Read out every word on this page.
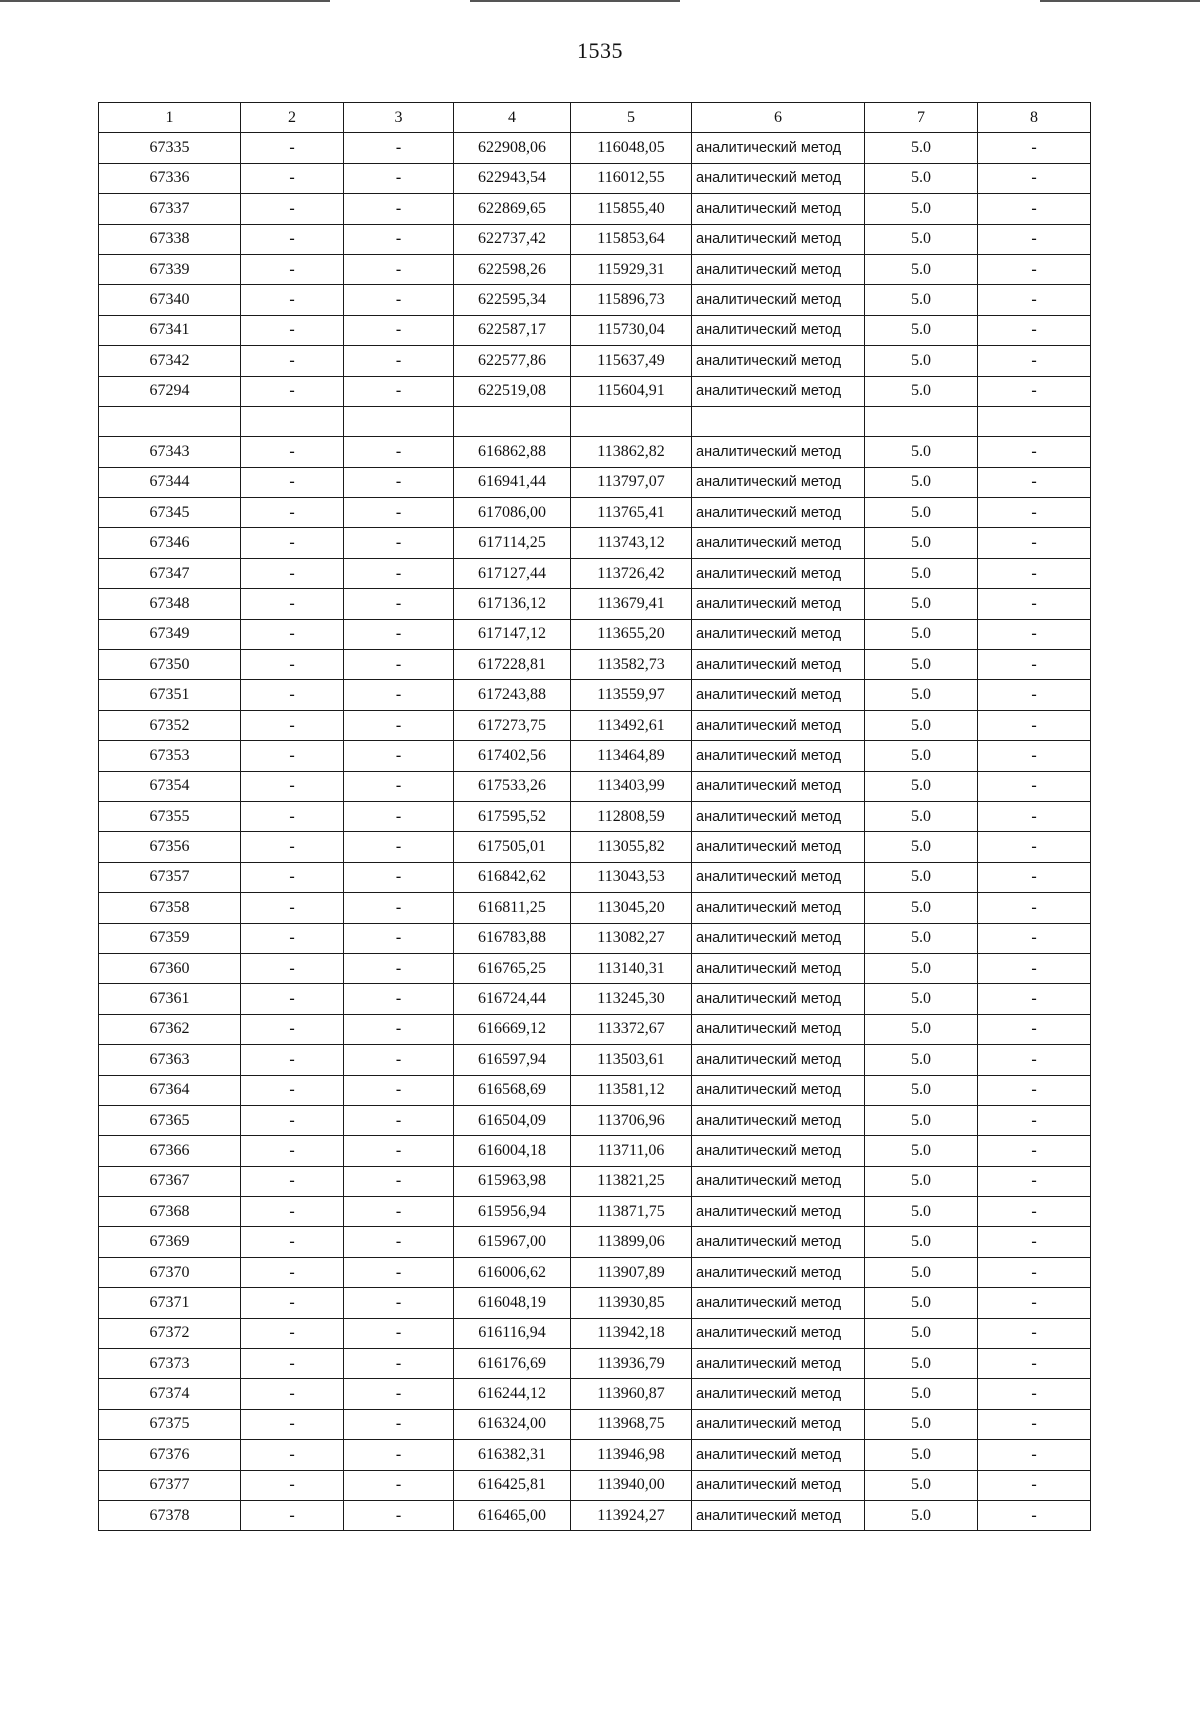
1535
1	2	3	4	5	6	7	8
67335	-	-	622908,06	116048,05	аналитический метод	5.0	-
67336	-	-	622943,54	116012,55	аналитический метод	5.0	-
67337	-	-	622869,65	115855,40	аналитический метод	5.0	-
67338	-	-	622737,42	115853,64	аналитический метод	5.0	-
67339	-	-	622598,26	115929,31	аналитический метод	5.0	-
67340	-	-	622595,34	115896,73	аналитический метод	5.0	-
67341	-	-	622587,17	115730,04	аналитический метод	5.0	-
67342	-	-	622577,86	115637,49	аналитический метод	5.0	-
67294	-	-	622519,08	115604,91	аналитический метод	5.0	-

67343	-	-	616862,88	113862,82	аналитический метод	5.0	-
67344	-	-	616941,44	113797,07	аналитический метод	5.0	-
67345	-	-	617086,00	113765,41	аналитический метод	5.0	-
67346	-	-	617114,25	113743,12	аналитический метод	5.0	-
67347	-	-	617127,44	113726,42	аналитический метод	5.0	-
67348	-	-	617136,12	113679,41	аналитический метод	5.0	-
67349	-	-	617147,12	113655,20	аналитический метод	5.0	-
67350	-	-	617228,81	113582,73	аналитический метод	5.0	-
67351	-	-	617243,88	113559,97	аналитический метод	5.0	-
67352	-	-	617273,75	113492,61	аналитический метод	5.0	-
67353	-	-	617402,56	113464,89	аналитический метод	5.0	-
67354	-	-	617533,26	113403,99	аналитический метод	5.0	-
67355	-	-	617595,52	112808,59	аналитический метод	5.0	-
67356	-	-	617505,01	113055,82	аналитический метод	5.0	-
67357	-	-	616842,62	113043,53	аналитический метод	5.0	-
67358	-	-	616811,25	113045,20	аналитический метод	5.0	-
67359	-	-	616783,88	113082,27	аналитический метод	5.0	-
67360	-	-	616765,25	113140,31	аналитический метод	5.0	-
67361	-	-	616724,44	113245,30	аналитический метод	5.0	-
67362	-	-	616669,12	113372,67	аналитический метод	5.0	-
67363	-	-	616597,94	113503,61	аналитический метод	5.0	-
67364	-	-	616568,69	113581,12	аналитический метод	5.0	-
67365	-	-	616504,09	113706,96	аналитический метод	5.0	-
67366	-	-	616004,18	113711,06	аналитический метод	5.0	-
67367	-	-	615963,98	113821,25	аналитический метод	5.0	-
67368	-	-	615956,94	113871,75	аналитический метод	5.0	-
67369	-	-	615967,00	113899,06	аналитический метод	5.0	-
67370	-	-	616006,62	113907,89	аналитический метод	5.0	-
67371	-	-	616048,19	113930,85	аналитический метод	5.0	-
67372	-	-	616116,94	113942,18	аналитический метод	5.0	-
67373	-	-	616176,69	113936,79	аналитический метод	5.0	-
67374	-	-	616244,12	113960,87	аналитический метод	5.0	-
67375	-	-	616324,00	113968,75	аналитический метод	5.0	-
67376	-	-	616382,31	113946,98	аналитический метод	5.0	-
67377	-	-	616425,81	113940,00	аналитический метод	5.0	-
67378	-	-	616465,00	113924,27	аналитический метод	5.0	-
